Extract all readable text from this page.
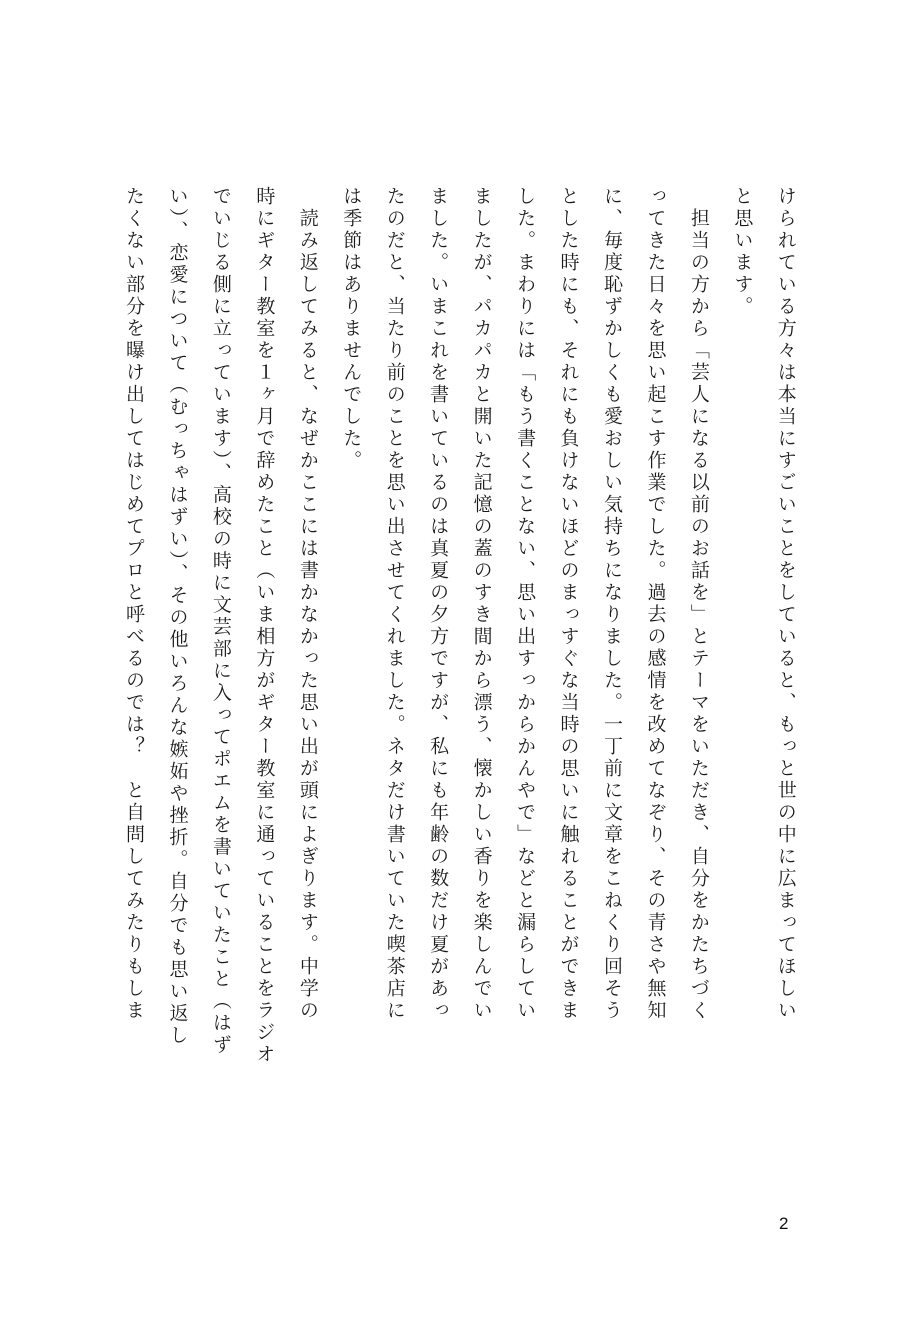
けられている方々は本当にすごいことをしていると、もっと世の中に広まってほしい
と思います。
　担当の方から「芸人になる以前のお話を」とテーマをいただき、自分をかたちづく
ってきた日々を思い起こす作業でした。過去の感情を改めてなぞり、その青さや無知
に、毎度恥ずかしくも愛おしい気持ちになりました。一丁前に文章をこねくり回そう
とした時にも、それにも負けないほどのまっすぐな当時の思いに触れることができま
した。まわりには「もう書くことない、思い出すっからかんやで」などと漏らしてい
ましたが、パカパカと開いた記憶の蓋のすき間から漂う、懐かしい香りを楽しんでい
ました。いまこれを書いているのは真夏の夕方ですが、私にも年齢の数だけ夏があっ
たのだと、当たり前のことを思い出させてくれました。ネタだけ書いていた喫茶店に
は季節はありませんでした。
　読み返してみると、なぜかここには書かなかった思い出が頭によぎります。中学の
時にギター教室を１ヶ月で辞めたこと（いま相方がギター教室に通っていることをラジオ
でいじる側に立っています）、高校の時に文芸部に入ってポエムを書いていたこと（はず
い）、恋愛について（むっちゃはずい）、その他いろんな嫉妬や挫折。自分でも思い返し
たくない部分を曝け出してはじめてプロと呼べるのでは？　と自問してみたりもしま
2
